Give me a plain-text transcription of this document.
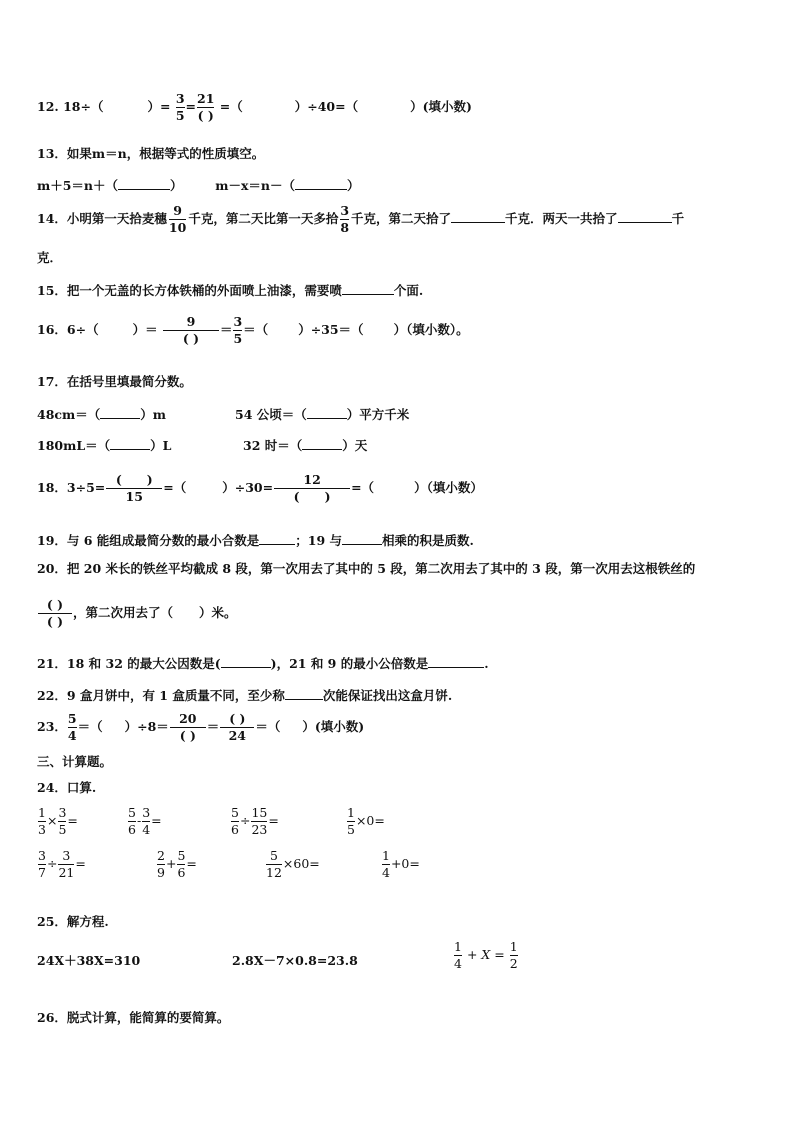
12. 18÷（	）= $\frac{3}{5} = \frac{21}{( )}$ =（	）÷40=（	）(填小数)
13．如果m＝n，根据等式的性质填空。
m＋5＝n＋（	）	m－x＝n－（	）
14．小明第一天拾麦穗 $\frac{9}{10}$ 千克，第二天比第一天多拾 $\frac{3}{8}$ 千克，第二天拾了	千克．两天一共拾了	千
克．
15．把一个无盖的长方体铁桶的外面喷上油漆，需要喷	个面.
16．6÷（	）＝ $\frac{9}{( )} = \frac{3}{5}$ ＝（ ）÷35＝（ ）（填小数）。
17．在括号里填最简分数。
48cm＝（	）m	54 公顷＝（	）平方千米
180mL＝（	）L	32 时＝（	）天
18．$3\div 5= \frac{( )}{15}$ =（	）$\div 30= \frac{12}{( )}$ =（	）（填小数）
19．与 6 能组成最简分数的最小合数是	；19 与	相乘的积是质数.
20．把 20 米长的铁丝平均截成 8 段，第一次用去了其中的 5 段，第二次用去了其中的 3 段，第一次用去这根铁丝的
$\frac{( )}{( )}$ ，第二次用去了（ ）米。
21．18 和 32 的最大公因数是(	)，21 和 9 的最小公倍数是	.
22．9 盒月饼中，有 1 盒质量不同，至少称	次能保证找出这盒月饼.
23． $\frac{5}{4}$ ＝（ ）$\div 8= \frac{20}{( )} = \frac{( )}{24}$ ＝（ ）(填小数)
三、计算题。
24．口算.
$\frac{1}{3} \times \frac{3}{5}$ =	$\frac{5}{6} - \frac{3}{4}$ =	$\frac{5}{6} \div \frac{15}{23}$ =	$\frac{1}{5} \times 0=$
$\frac{3}{7} \div \frac{3}{21}$ =	$\frac{2}{9} + \frac{5}{6}$ =	$\frac{5}{12} \times 60=$	$\frac{1}{4} +0=$
25．解方程.
24X＋38X=310	2.8X－7×0.8=23.8	$\frac{1}{4} + X = \frac{1}{2}$
26．脱式计算，能简算的要简算。
